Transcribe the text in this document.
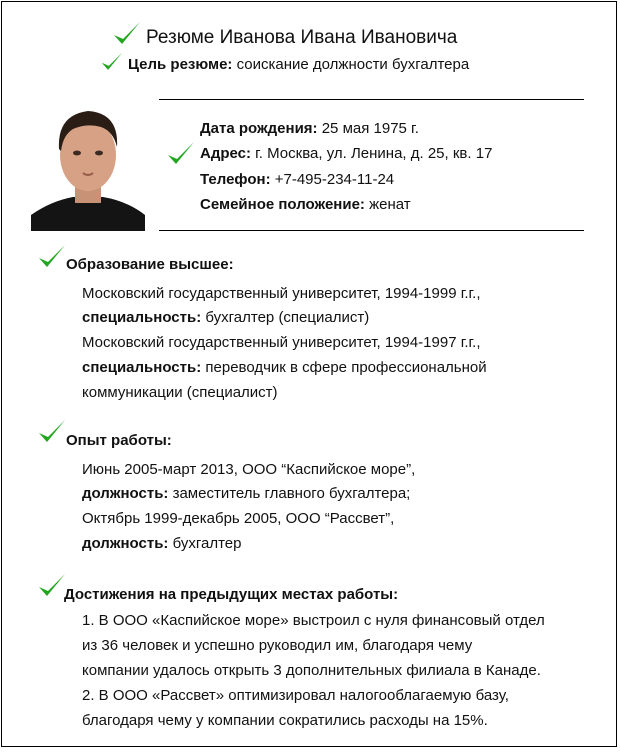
Резюме Иванова Ивана Ивановича
Цель резюме: соискание должности бухгалтера
Дата рождения: 25 мая 1975 г.
Адрес: г. Москва, ул. Ленина, д. 25, кв. 17
Телефон: +7-495-234-11-24
Семейное положение: женат
Образование высшее:
Московский государственный университет, 1994-1999 г.г.,
специальность: бухгалтер (специалист)
Московский государственный университет, 1994-1997 г.г.,
специальность: переводчик в сфере профессиональной
коммуникации (специалист)
Опыт работы:
Июнь 2005-март 2013, ООО “Каспийское море”,
должность: заместитель главного бухгалтера;
Октябрь 1999-декабрь 2005, ООО “Рассвет”,
должность: бухгалтер
Достижения на предыдущих местах работы:
1. В ООО «Каспийское море» выстроил с нуля финансовый отдел
из 36 человек и успешно руководил им, благодаря чему
компании удалось открыть 3 дополнительных филиала в Канаде.
2. В ООО «Рассвет» оптимизировал налогооблагаемую базу,
благодаря чему у компании сократились расходы на 15%.
